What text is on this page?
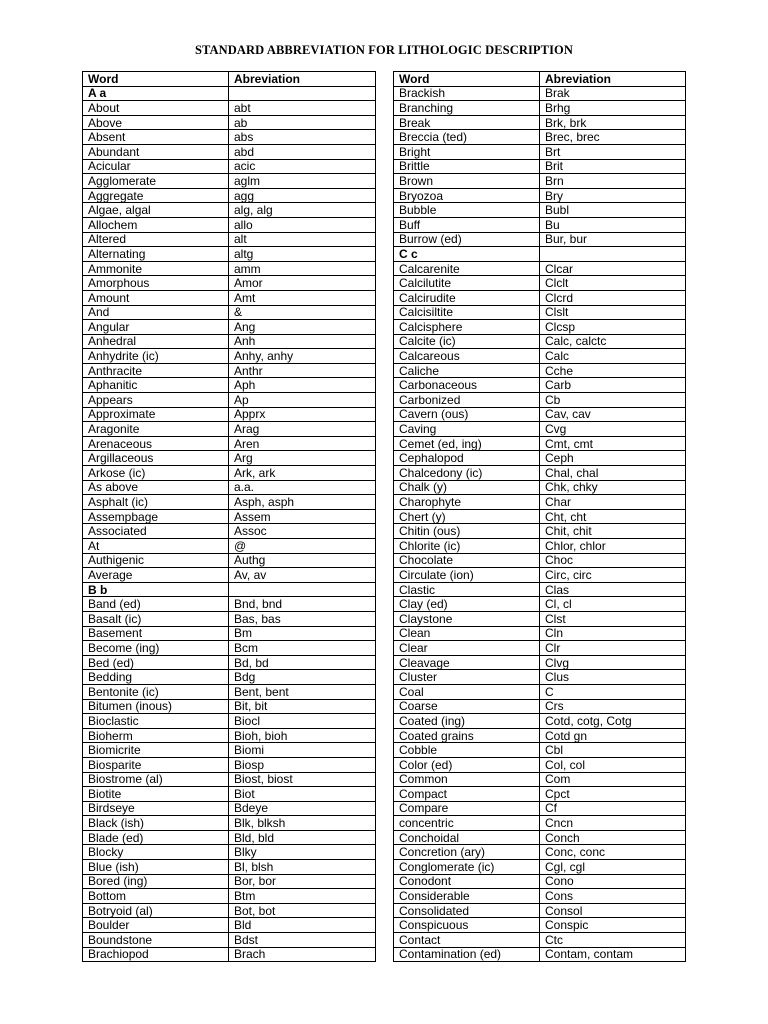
STANDARD ABBREVIATION FOR LITHOLOGIC DESCRIPTION
Word	Abreviation
A a	
About	abt
Above	ab
Absent	abs
Abundant	abd
Acicular	acic
Agglomerate	aglm
Aggregate	agg
Algae, algal	alg, alg
Allochem	allo
Altered	alt
Alternating	altg
Ammonite	amm
Amorphous	Amor
Amount	Amt
And	&
Angular	Ang
Anhedral	Anh
Anhydrite (ic)	Anhy, anhy
Anthracite	Anthr
Aphanitic	Aph
Appears	Ap
Approximate	Apprx
Aragonite	Arag
Arenaceous	Aren
Argillaceous	Arg
Arkose (ic)	Ark, ark
As above	a.a.
Asphalt (ic)	Asph, asph
Assempbage	Assem
Associated	Assoc
At	@
Authigenic	Authg
Average	Av, av
B b	
Band (ed)	Bnd, bnd
Basalt (ic)	Bas, bas
Basement	Bm
Become (ing)	Bcm
Bed (ed)	Bd, bd
Bedding	Bdg
Bentonite (ic)	Bent, bent
Bitumen (inous)	Bit, bit
Bioclastic	Biocl
Bioherm	Bioh, bioh
Biomicrite	Biomi
Biosparite	Biosp
Biostrome (al)	Biost, biost
Biotite	Biot
Birdseye	Bdeye
Black (ish)	Blk, blksh
Blade (ed)	Bld, bld
Blocky	Blky
Blue (ish)	Bl, blsh
Bored (ing)	Bor, bor
Bottom	Btm
Botryoid (al)	Bot, bot
Boulder	Bld
Boundstone	Bdst
Brachiopod	Brach
Word	Abreviation
Brackish	Brak
Branching	Brhg
Break	Brk, brk
Breccia (ted)	Brec, brec
Bright	Brt
Brittle	Brit
Brown	Brn
Bryozoa	Bry
Bubble	Bubl
Buff	Bu
Burrow (ed)	Bur, bur
C c	
Calcarenite	Clcar
Calcilutite	Clclt
Calcirudite	Clcrd
Calcisiltite	Clslt
Calcisphere	Clcsp
Calcite (ic)	Calc, calctc
Calcareous	Calc
Caliche	Cche
Carbonaceous	Carb
Carbonized	Cb
Cavern (ous)	Cav, cav
Caving	Cvg
Cemet (ed, ing)	Cmt, cmt
Cephalopod	Ceph
Chalcedony (ic)	Chal, chal
Chalk (y)	Chk, chky
Charophyte	Char
Chert (y)	Cht, cht
Chitin (ous)	Chit, chit
Chlorite (ic)	Chlor, chlor
Chocolate	Choc
Circulate (ion)	Circ, circ
Clastic	Clas
Clay (ed)	Cl, cl
Claystone	Clst
Clean	Cln
Clear	Clr
Cleavage	Clvg
Cluster	Clus
Coal	C
Coarse	Crs
Coated (ing)	Cotd, cotg, Cotg
Coated grains	Cotd gn
Cobble	Cbl
Color (ed)	Col, col
Common	Com
Compact	Cpct
Compare	Cf
concentric	Cncn
Conchoidal	Conch
Concretion (ary)	Conc, conc
Conglomerate (ic)	Cgl, cgl
Conodont	Cono
Considerable	Cons
Consolidated	Consol
Conspicuous	Conspic
Contact	Ctc
Contamination (ed)	Contam, contam
